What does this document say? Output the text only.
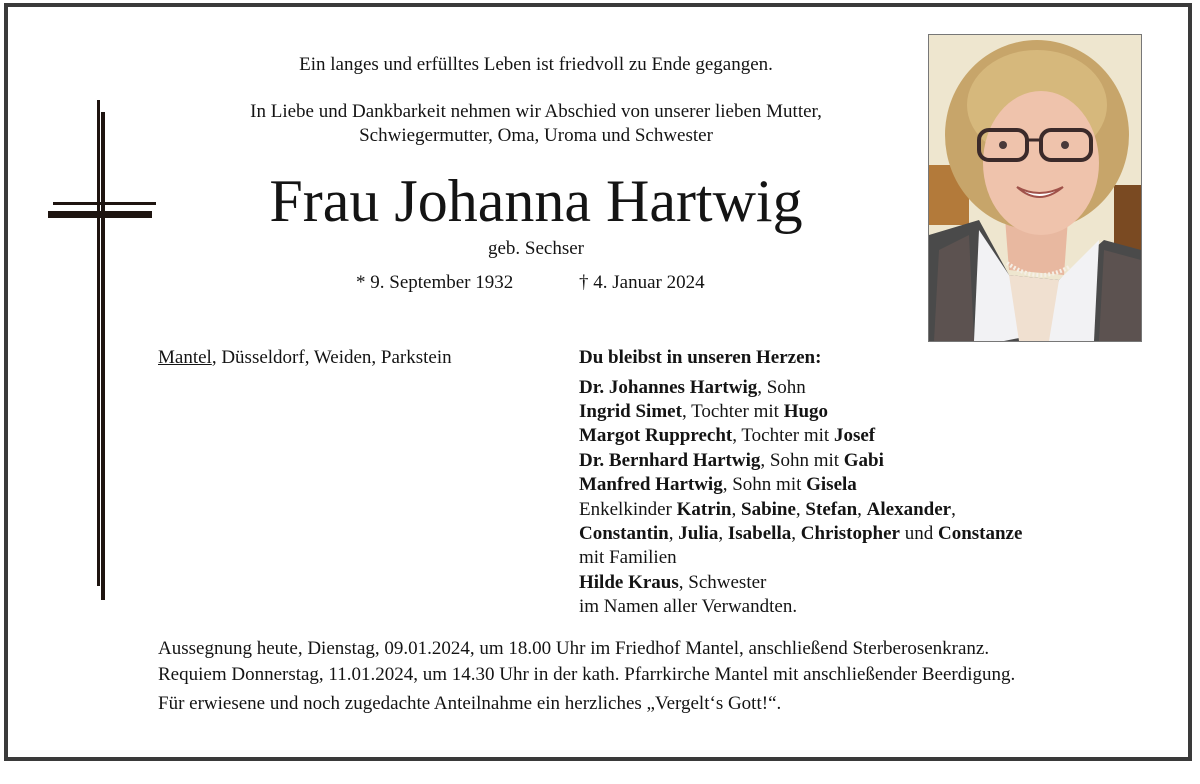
Ein langes und erfülltes Leben ist friedvoll zu Ende gegangen.
In Liebe und Dankbarkeit nehmen wir Abschied von unserer lieben Mutter,
Schwiegermutter, Oma, Uroma und Schwester
Frau Johanna Hartwig
geb. Sechser
* 9. September 1932	† 4. Januar 2024
Mantel, Düsseldorf, Weiden, Parkstein	Du bleibst in unseren Herzen:
Dr. Johannes Hartwig, Sohn
Ingrid Simet, Tochter mit Hugo
Margot Rupprecht, Tochter mit Josef
Dr. Bernhard Hartwig, Sohn mit Gabi
Manfred Hartwig, Sohn mit Gisela
Enkelkinder Katrin, Sabine, Stefan, Alexander,
Constantin, Julia, Isabella, Christopher und Constanze
mit Familien
Hilde Kraus, Schwester
im Namen aller Verwandten.
Aussegnung heute, Dienstag, 09.01.2024, um 18.00 Uhr im Friedhof Mantel, anschließend Sterberosenkranz.
Requiem Donnerstag, 11.01.2024, um 14.30 Uhr in der kath. Pfarrkirche Mantel mit anschließender Beerdigung.
Für erwiesene und noch zugedachte Anteilnahme ein herzliches „Vergelt‘s Gott!“.
